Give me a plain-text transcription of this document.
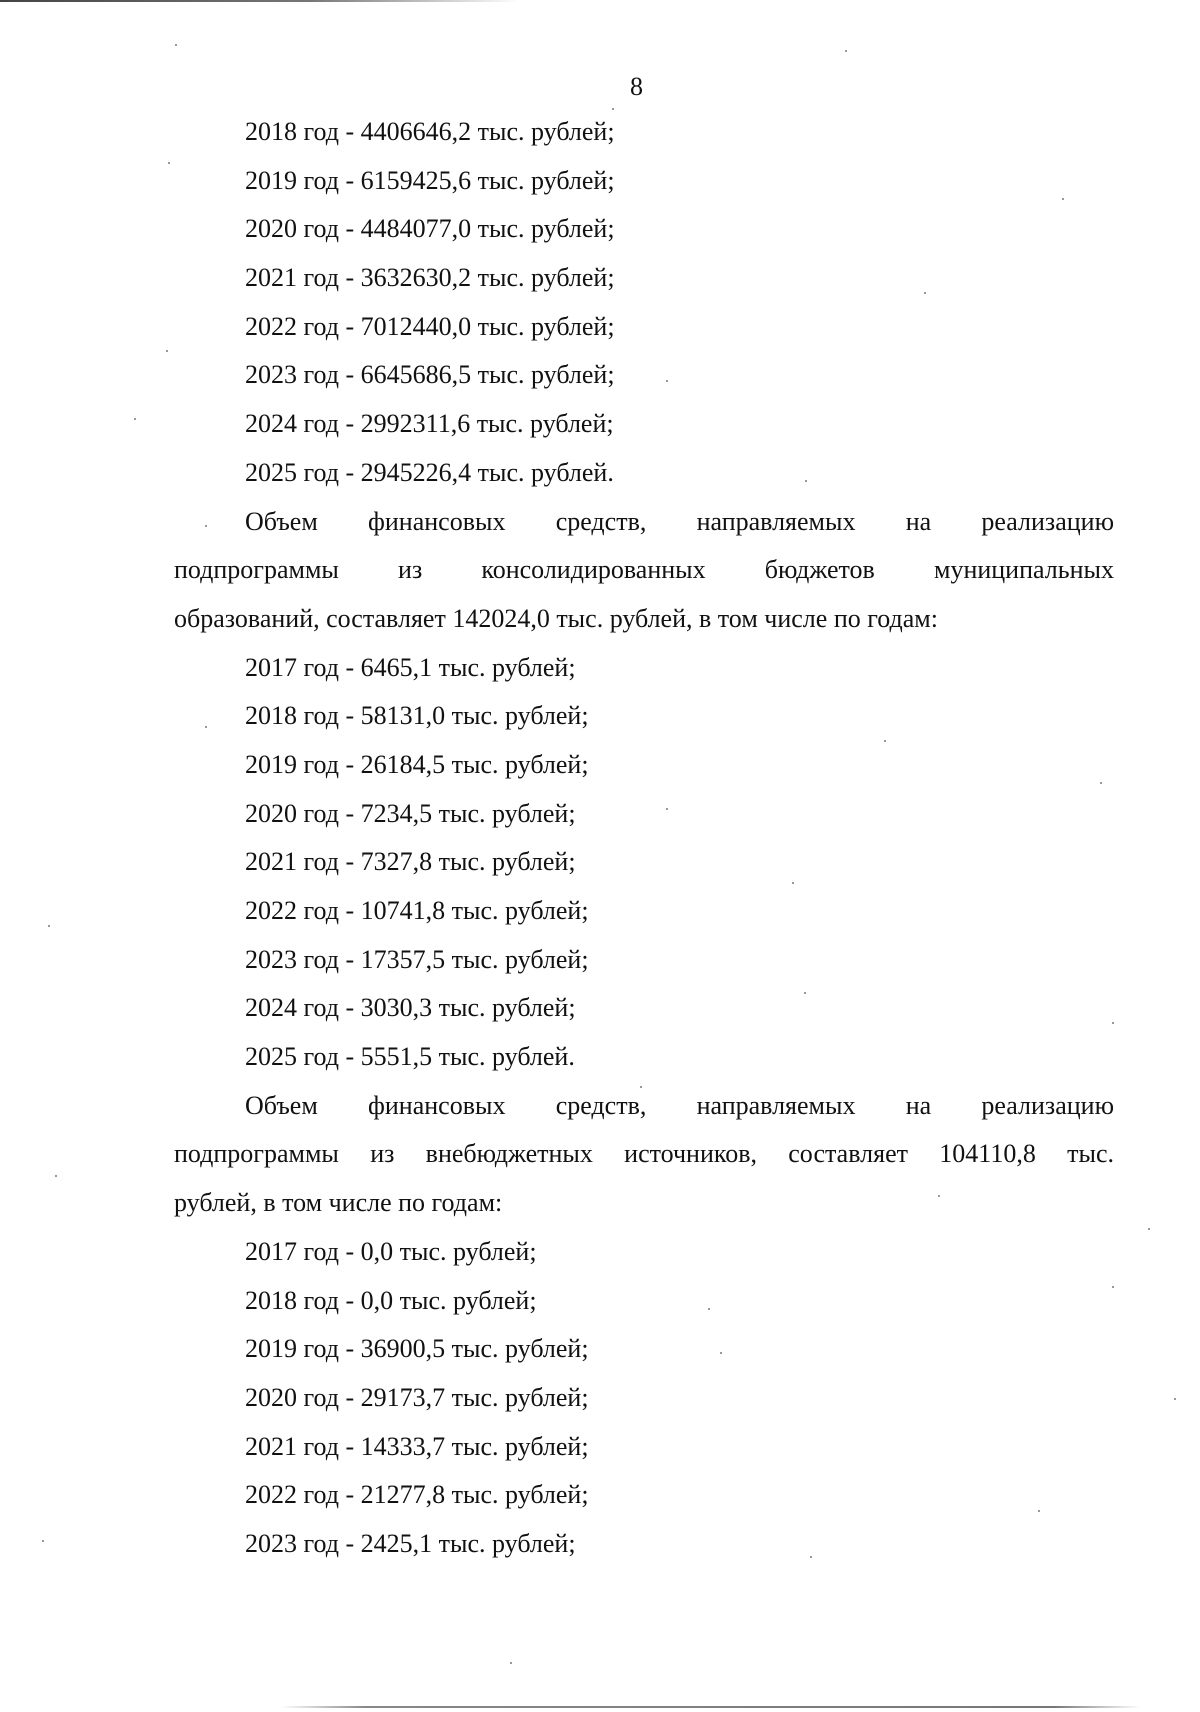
8
2018 год - 4406646,2 тыс. рублей;
2019 год - 6159425,6 тыс. рублей;
2020 год - 4484077,0 тыс. рублей;
2021 год - 3632630,2 тыс. рублей;
2022 год - 7012440,0 тыс. рублей;
2023 год - 6645686,5 тыс. рублей;
2024 год - 2992311,6 тыс. рублей;
2025 год - 2945226,4 тыс. рублей.
Объем финансовых средств, направляемых на реализацию
подпрограммы из консолидированных бюджетов муниципальных
образований, составляет 142024,0 тыс. рублей, в том числе по годам:
2017 год - 6465,1 тыс. рублей;
2018 год - 58131,0 тыс. рублей;
2019 год - 26184,5 тыс. рублей;
2020 год - 7234,5 тыс. рублей;
2021 год - 7327,8 тыс. рублей;
2022 год - 10741,8 тыс. рублей;
2023 год - 17357,5 тыс. рублей;
2024 год - 3030,3 тыс. рублей;
2025 год - 5551,5 тыс. рублей.
Объем финансовых средств, направляемых на реализацию
подпрограммы из внебюджетных источников, составляет 104110,8 тыс.
рублей, в том числе по годам:
2017 год - 0,0 тыс. рублей;
2018 год - 0,0 тыс. рублей;
2019 год - 36900,5 тыс. рублей;
2020 год - 29173,7 тыс. рублей;
2021 год - 14333,7 тыс. рублей;
2022 год - 21277,8 тыс. рублей;
2023 год - 2425,1 тыс. рублей;
